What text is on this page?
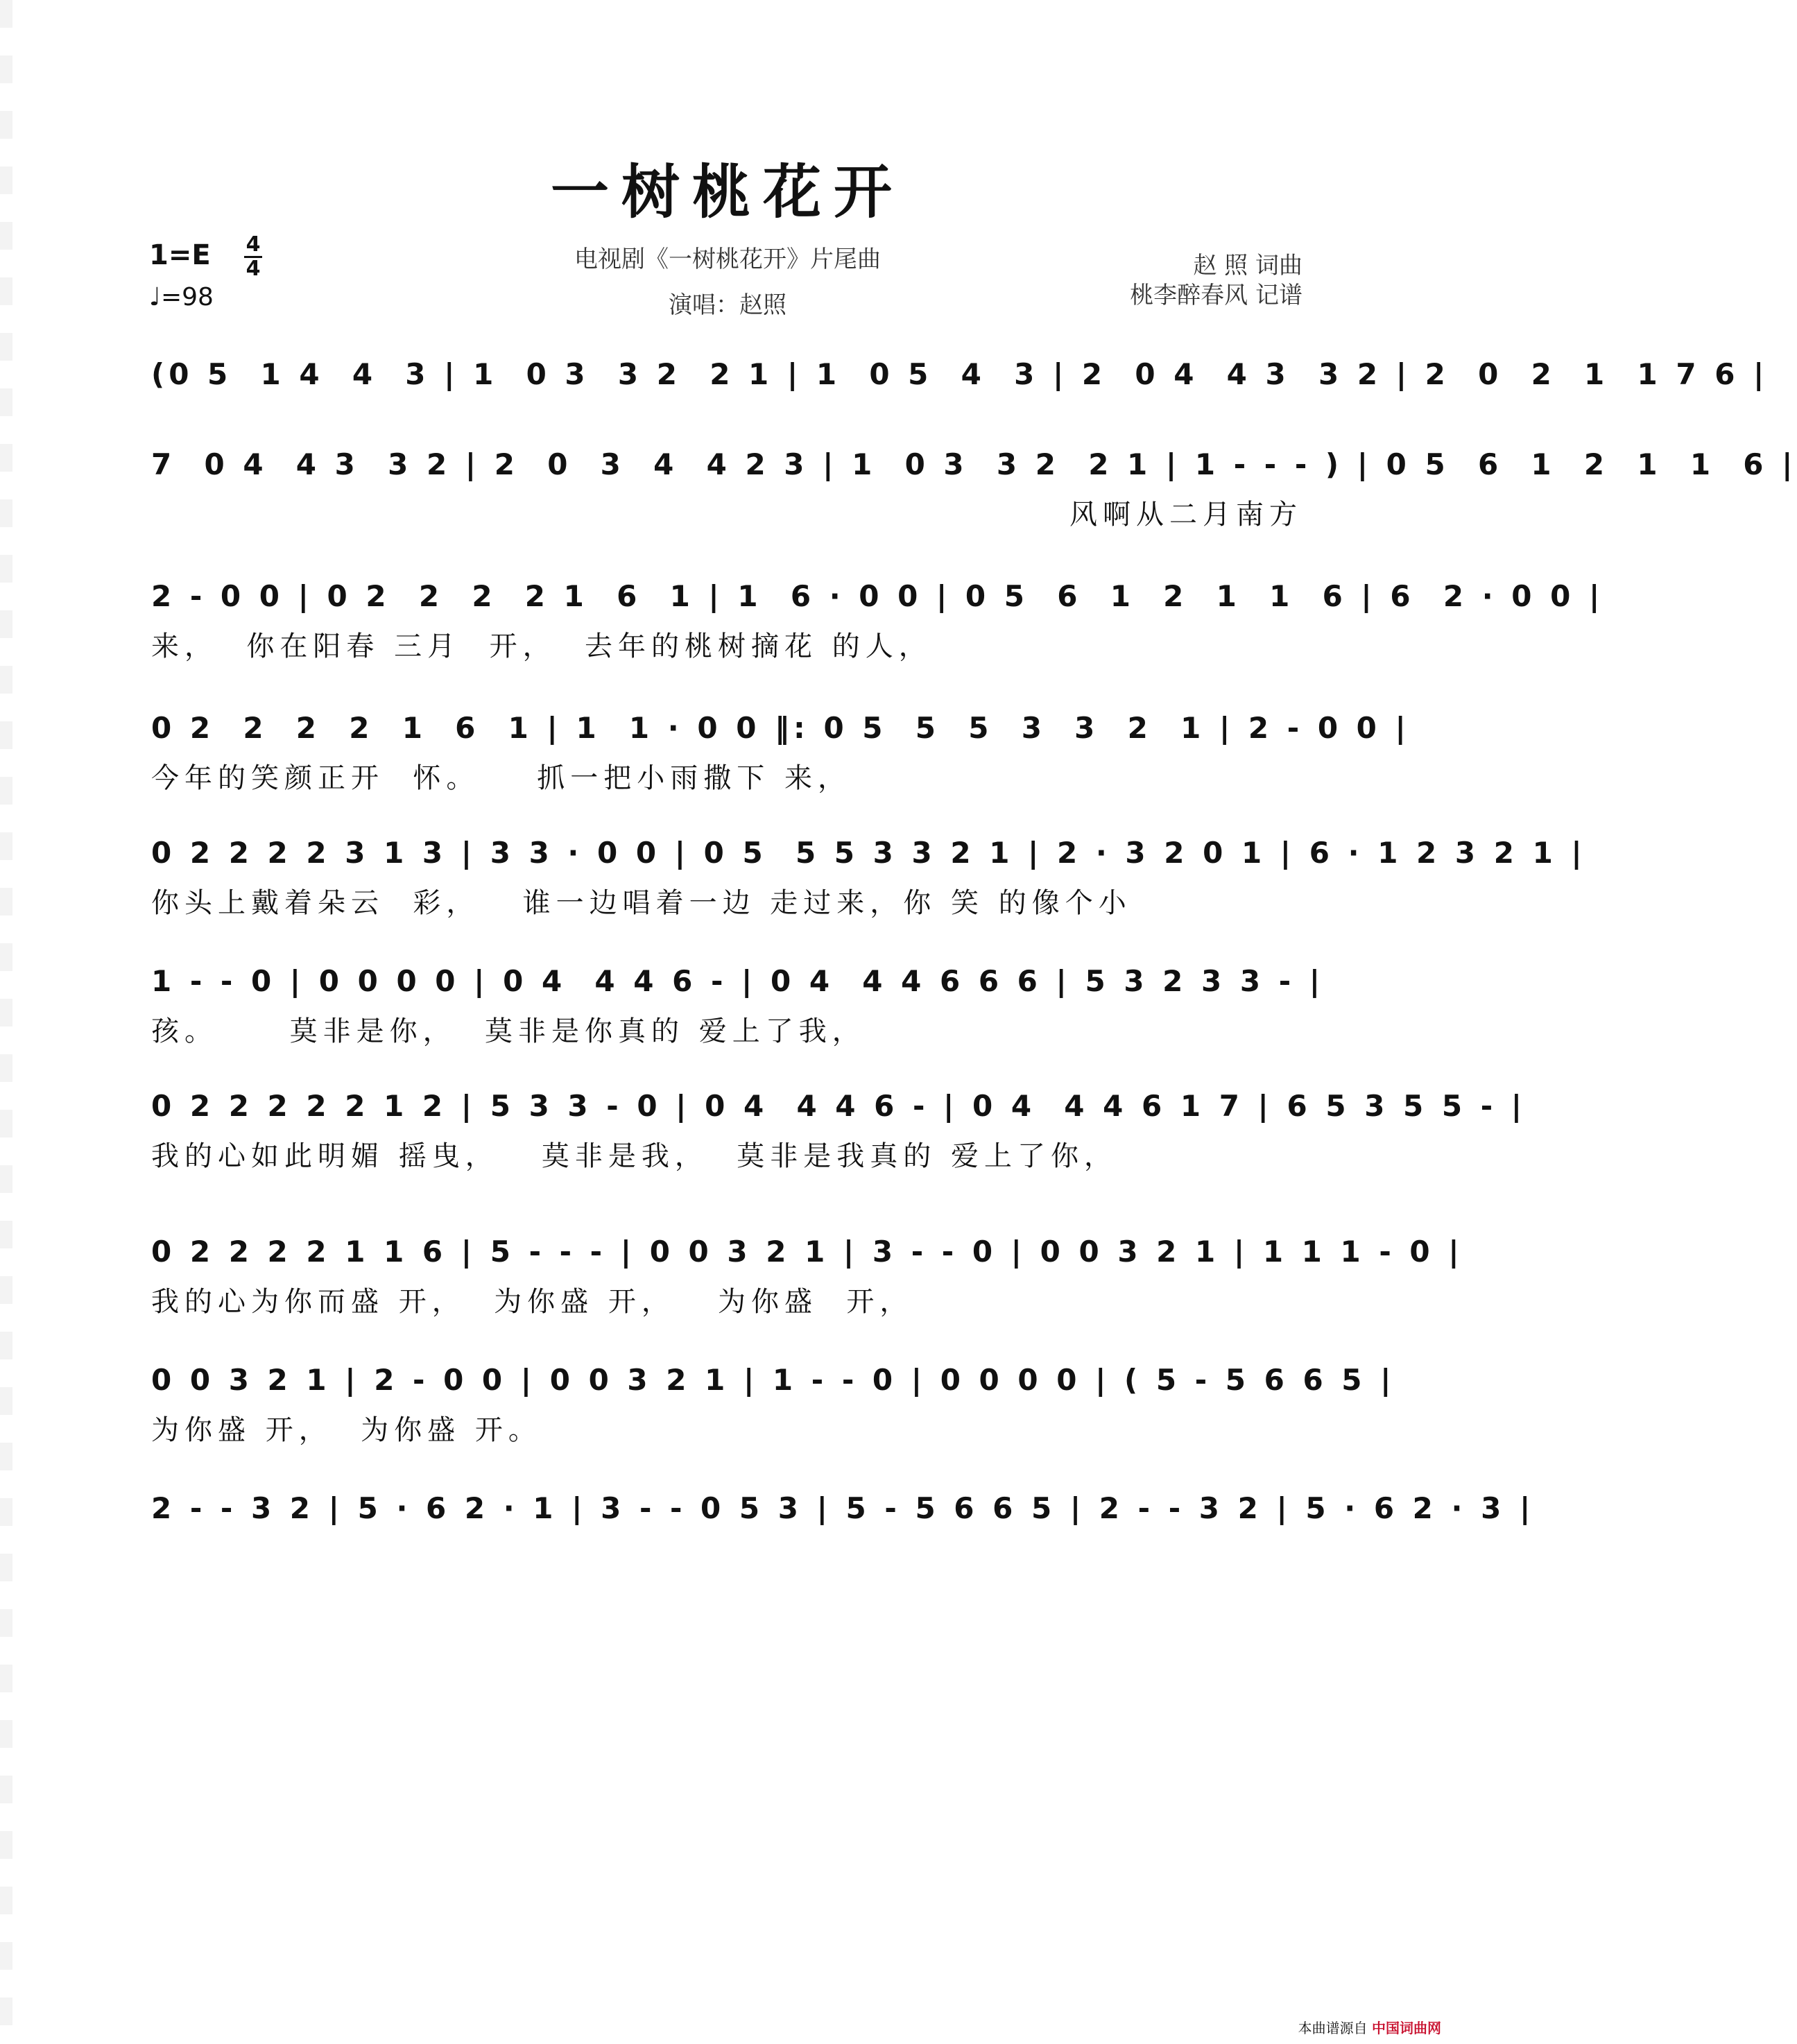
一树桃花开
1=E 4
4
♩=98
电视剧《一树桃花开》片尾曲
演唱：赵照
赵 照 词曲
桃李醉春风 记谱
(0 5  1 4  4  3 | 1  0 3  3 2  2 1 | 1  0 5  4  3 | 2  0 4  4 3  3 2 | 2  0  2  1  1 7 6 |
7  0 4  4 3  3 2 | 2  0  3  4  4 2 3 | 1  0 3  3 2  2 1 | 1 - - - ) | 0 5  6  1  2  1  1  6 |
风啊从二月南方
2 - 0 0 | 0 2  2  2  2 1  6  1 | 1  6 · 0 0 | 0 5  6  1  2  1  1  6 | 6  2 · 0 0 |
来，  你在阳春 三月  开，  去年的桃树摘花 的人，
0 2  2  2  2  1  6  1 | 1  1 · 0 0 ‖: 0 5  5  5  3  3  2  1 | 2 - 0 0 |
今年的笑颜正开  怀。    抓一把小雨撒下 来，
0 2 2 2 2 3 1 3 | 3 3 · 0 0 | 0 5  5 5 3 3 2 1 | 2 · 3 2 0 1 | 6 · 1 2 3 2 1 |
你头上戴着朵云  彩，   谁一边唱着一边 走过来，你 笑 的像个小
1 - - 0 | 0 0 0 0 | 0 4  4 4 6 - | 0 4  4 4 6 6 6 | 5 3 2 3 3 - |
孩。     莫非是你，  莫非是你真的 爱上了我，
0 2 2 2 2 2 1 2 | 5 3 3 - 0 | 0 4  4 4 6 - | 0 4  4 4 6 1 7 | 6 5 3 5 5 - |
我的心如此明媚 摇曳，   莫非是我，  莫非是我真的 爱上了你，
0 2 2 2 2 1 1 6 | 5 - - - | 0 0 3 2 1 | 3 - - 0 | 0 0 3 2 1 | 1 1 1 - 0 |
我的心为你而盛 开，  为你盛 开，   为你盛  开，
0 0 3 2 1 | 2 - 0 0 | 0 0 3 2 1 | 1 - - 0 | 0 0 0 0 | ( 5 - 5 6 6 5 |
为你盛 开，  为你盛 开。
2 - - 3 2 | 5 · 6 2 · 1 | 3 - - 0 5 3 | 5 - 5 6 6 5 | 2 - - 3 2 | 5 · 6 2 · 3 |
本曲谱源自 中国词曲网
